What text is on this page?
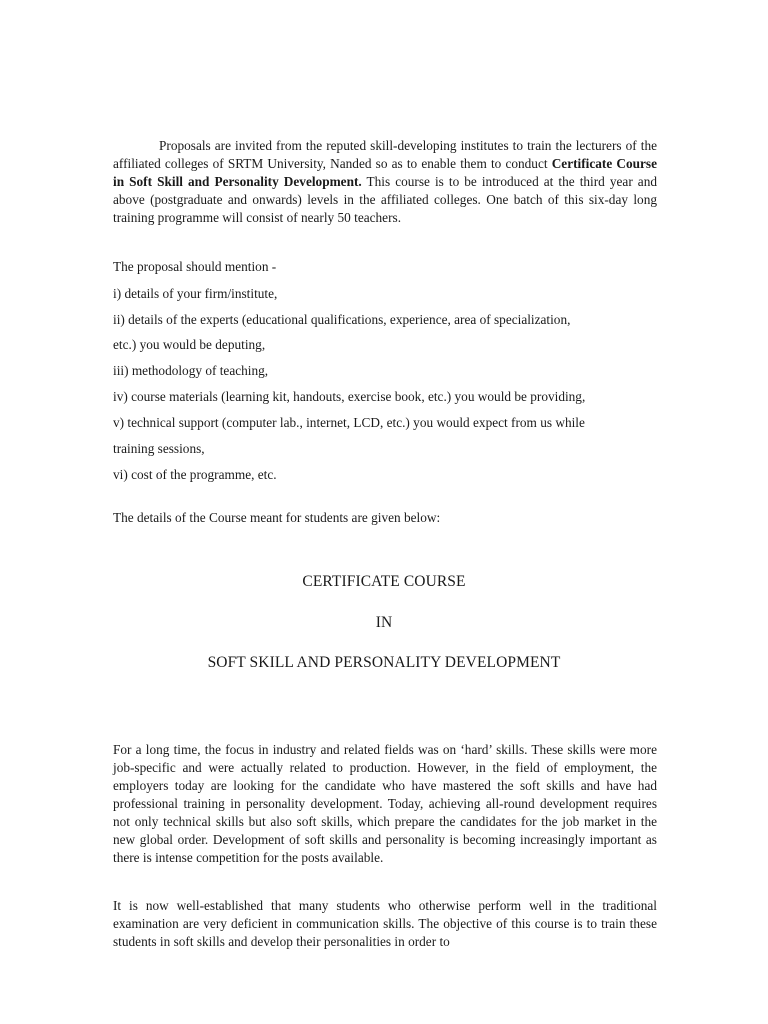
Proposals are invited from the reputed skill-developing institutes to train the lecturers of the affiliated colleges of SRTM University, Nanded so as to enable them to conduct Certificate Course in Soft Skill and Personality Development. This course is to be introduced at the third year and above (postgraduate and onwards) levels in the affiliated colleges. One batch of this six-day long training programme will consist of nearly 50 teachers.

The proposal should mention -
i) details of your firm/institute,
ii) details of the experts (educational qualifications, experience, area of specialization,
etc.) you would be deputing,
iii) methodology of teaching,
iv) course materials (learning kit, handouts, exercise book, etc.) you would be providing,
v) technical support (computer lab., internet, LCD, etc.) you would expect from us while
training sessions,
vi) cost of the programme, etc.
The details of the Course meant for students are given below:
CERTIFICATE COURSE
IN
SOFT SKILL AND PERSONALITY DEVELOPMENT

For a long time, the focus in industry and related fields was on ‘hard’ skills. These skills were more job-specific and were actually related to production. However, in the field of employment, the employers today are looking for the candidate who have mastered the soft skills and have had professional training in personality development. Today, achieving all-round development requires not only technical skills but also soft skills, which prepare the candidates for the job market in the new global order. Development of soft skills and personality is becoming increasingly important as there is intense competition for the posts available.

It is now well-established that many students who otherwise perform well in the traditional examination are very deficient in communication skills. The objective of this course is to train these students in soft skills and develop their personalities in order to
